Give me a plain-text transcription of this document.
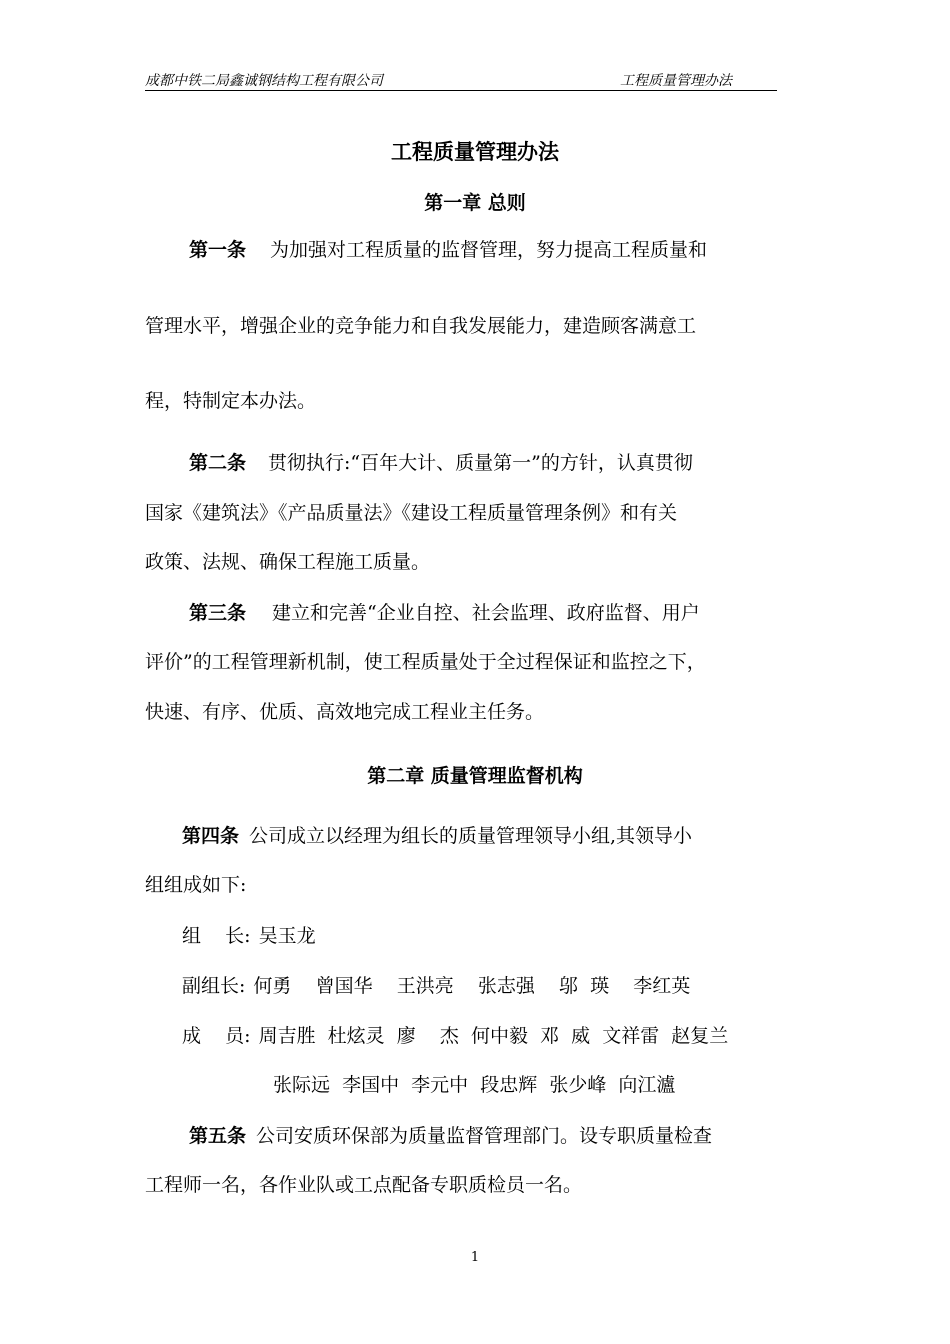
成都中铁二局鑫诚钢结构工程有限公司	工程质量管理办法
工程质量管理办法
第一章 总则
第一条 为加强对工程质量的监督管理，努力提高工程质量和
管理水平，增强企业的竞争能力和自我发展能力，建造顾客满意工
程，特制定本办法。
第二条 贯彻执行:“百年大计、质量第一”的方针，认真贯彻
国家《建筑法》《产品质量法》《建设工程质量管理条例》和有关
政策、法规、确保工程施工质量。
第三条 建立和完善“企业自控、社会监理、政府监督、用户
评价”的工程管理新机制，使工程质量处于全过程保证和监控之下，
快速、有序、优质、高效地完成工程业主任务。
第二章 质量管理监督机构
第四条 公司成立以经理为组长的质量管理领导小组,其领导小
组组成如下:
组    长: 吴玉龙
副组长: 何勇    曾国华    王洪亮    张志强    邬  瑛    李红英
成    员: 周吉胜  杜炫灵  廖    杰  何中毅  邓  威  文祥雷  赵复兰
张际远  李国中  李元中  段忠辉  张少峰  向江瀘
第五条 公司安质环保部为质量监督管理部门。设专职质量检查
工程师一名，各作业队或工点配备专职质检员一名。
1
